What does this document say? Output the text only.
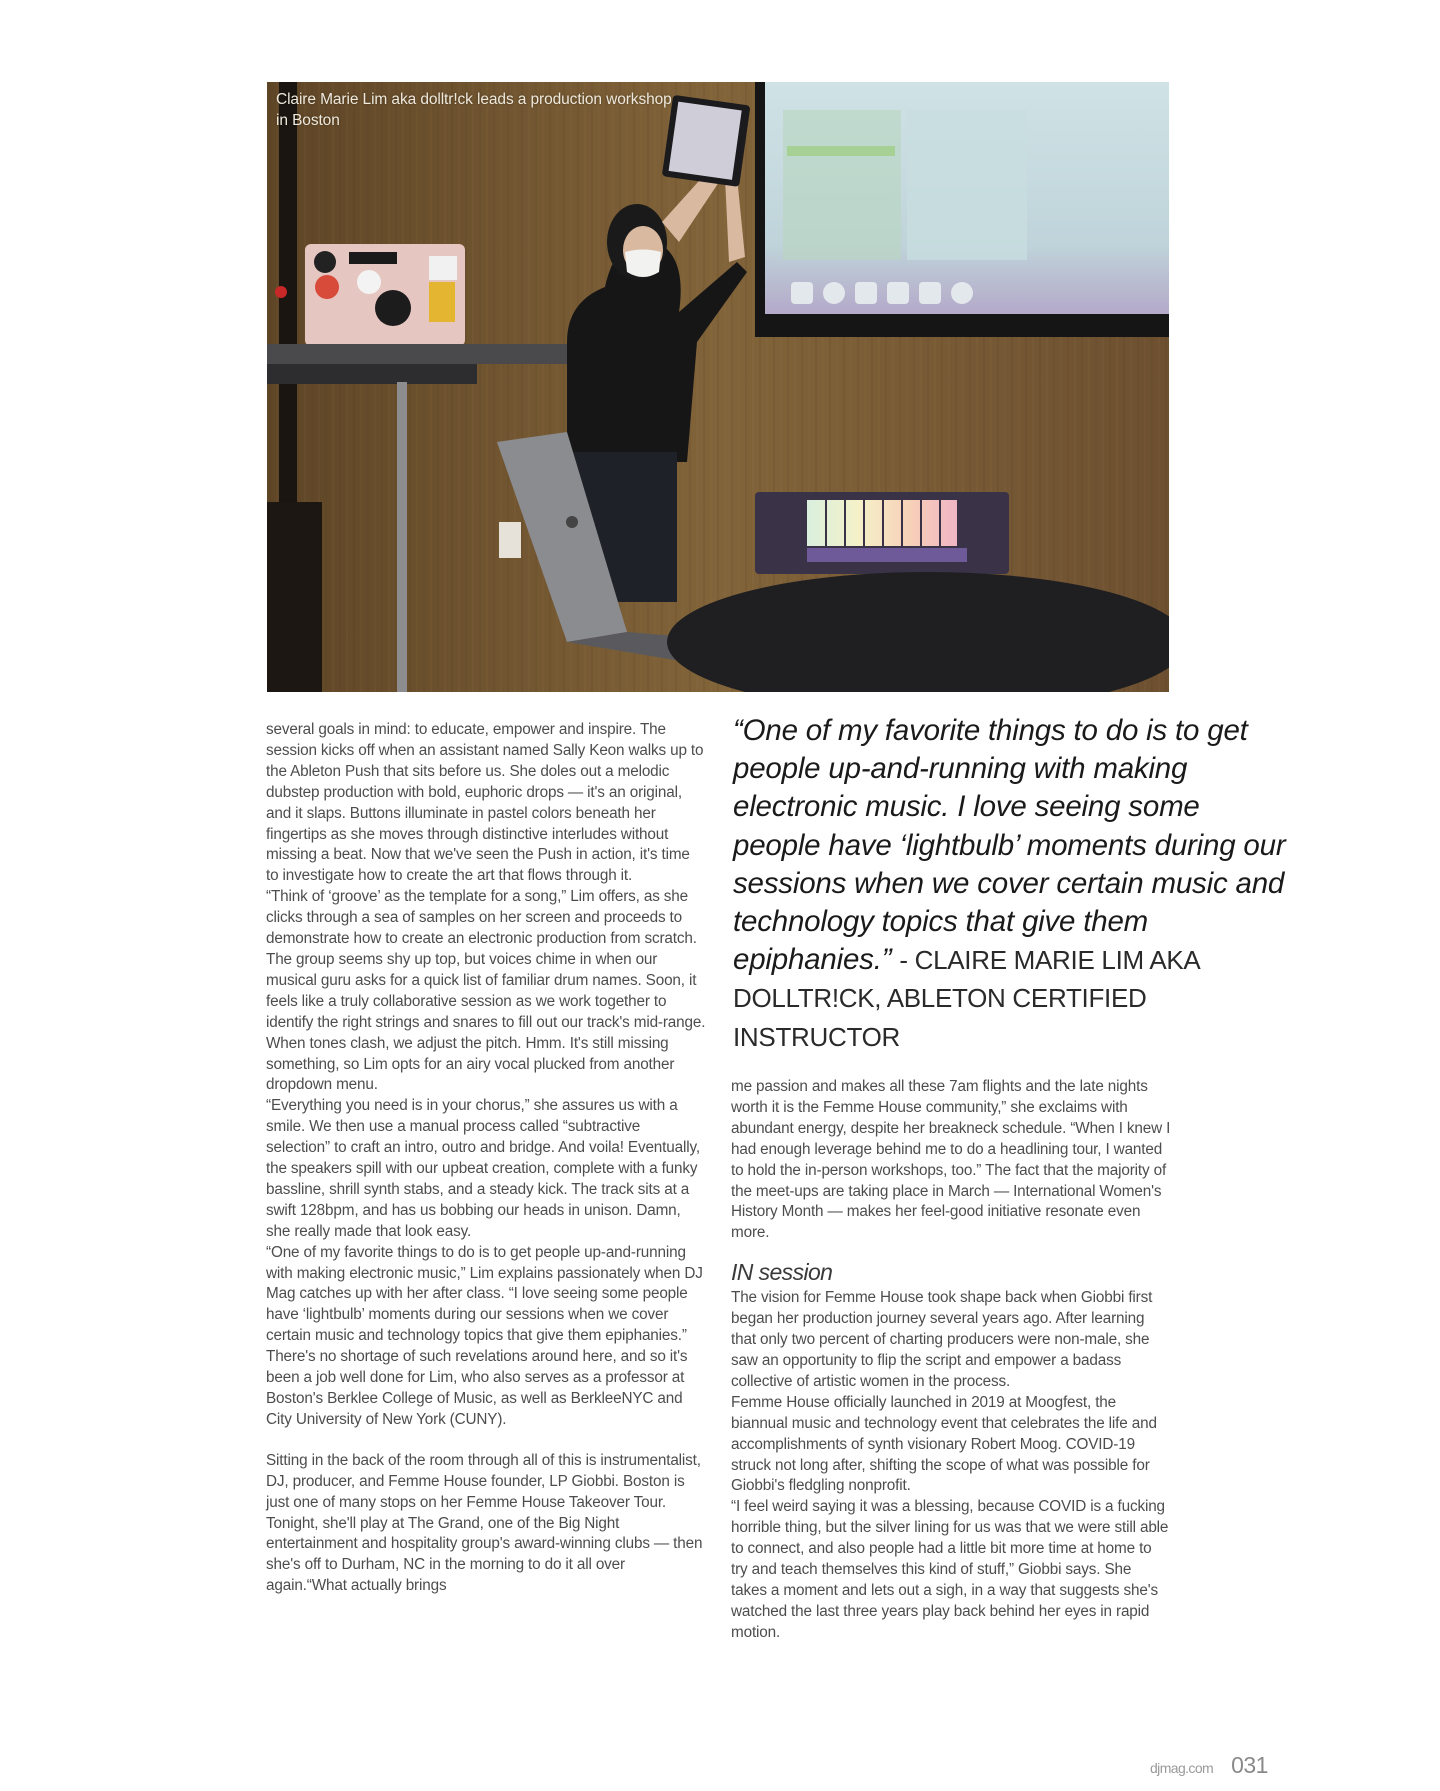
Claire Marie Lim aka dolltr!ck leads a production workshop in Boston

several goals in mind: to educate, empower and inspire. The session kicks off when an assistant named Sally Keon walks up to the Ableton Push that sits before us. She doles out a melodic dubstep production with bold, euphoric drops — it's an original, and it slaps. Buttons illuminate in pastel colors beneath her fingertips as she moves through distinctive interludes without missing a beat. Now that we've seen the Push in action, it's time to investigate how to create the art that flows through it.

“Think of ‘groove’ as the template for a song,” Lim offers, as she clicks through a sea of samples on her screen and proceeds to demonstrate how to create an electronic production from scratch. The group seems shy up top, but voices chime in when our musical guru asks for a quick list of familiar drum names. Soon, it feels like a truly collaborative session as we work together to identify the right strings and snares to fill out our track's mid-range. When tones clash, we adjust the pitch. Hmm. It's still missing something, so Lim opts for an airy vocal plucked from another dropdown menu.

“Everything you need is in your chorus,” she assures us with a smile. We then use a manual process called “subtractive selection” to craft an intro, outro and bridge. And voila! Eventually, the speakers spill with our upbeat creation, complete with a funky bassline, shrill synth stabs, and a steady kick. The track sits at a swift 128bpm, and has us bobbing our heads in unison. Damn, she really made that look easy.

“One of my favorite things to do is to get people up-and-running with making electronic music,” Lim explains passionately when DJ Mag catches up with her after class. “I love seeing some people have ‘lightbulb’ moments during our sessions when we cover certain music and technology topics that give them epiphanies.”

There's no shortage of such revelations around here, and so it's been a job well done for Lim, who also serves as a professor at Boston's Berklee College of Music, as well as BerkleeNYC and City University of New York (CUNY).

Sitting in the back of the room through all of this is instrumentalist, DJ, producer, and Femme House founder, LP Giobbi. Boston is just one of many stops on her Femme House Takeover Tour. Tonight, she'll play at The Grand, one of the Big Night entertainment and hospitality group's award-winning clubs — then she's off to Durham, NC in the morning to do it all over again.“What actually brings

“One of my favorite things to do is to get people up-and-running with making electronic music. I love seeing some people have ‘lightbulb’ moments during our sessions when we cover certain music and technology topics that give them epiphanies.” - CLAIRE MARIE LIM AKA DOLLTR!CK, ABLETON CERTIFIED INSTRUCTOR

me passion and makes all these 7am flights and the late nights worth it is the Femme House community,” she exclaims with abundant energy, despite her breakneck schedule. “When I knew I had enough leverage behind me to do a headlining tour, I wanted to hold the in-person workshops, too.” The fact that the majority of the meet-ups are taking place in March — International Women's History Month — makes her feel-good initiative resonate even more.

IN session

The vision for Femme House took shape back when Giobbi first began her production journey several years ago. After learning that only two percent of charting producers were non-male, she saw an opportunity to flip the script and empower a badass collective of artistic women in the process.

Femme House officially launched in 2019 at Moogfest, the biannual music and technology event that celebrates the life and accomplishments of synth visionary Robert Moog. COVID-19 struck not long after, shifting the scope of what was possible for Giobbi's fledgling nonprofit.

“I feel weird saying it was a blessing, because COVID is a fucking horrible thing, but the silver lining for us was that we were still able to connect, and also people had a little bit more time at home to try and teach themselves this kind of stuff,” Giobbi says. She takes a moment and lets out a sigh, in a way that suggests she's watched the last three years play back behind her eyes in rapid motion.

djmag.com 031
